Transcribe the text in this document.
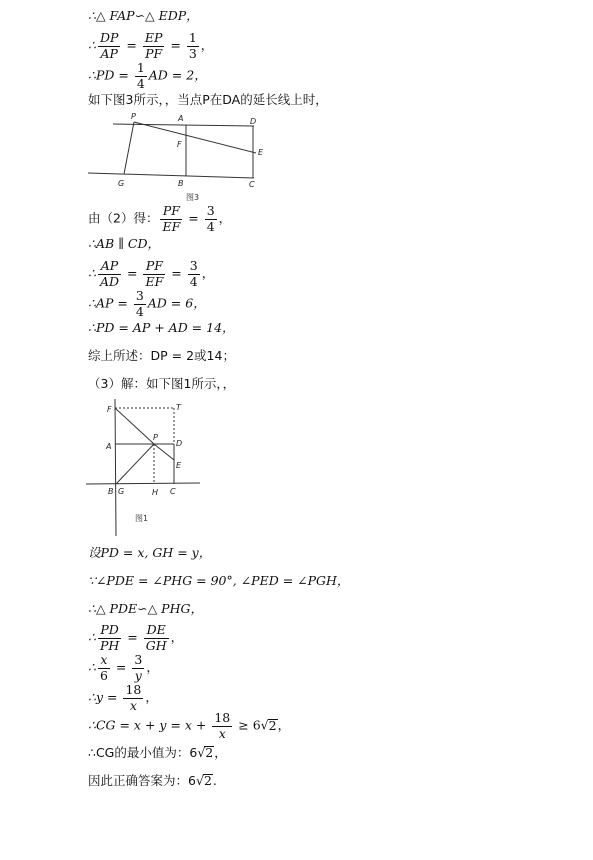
∴△ FAP∽△ EDP，
∴ $\frac{DP}{AP} = \frac{EP}{PF} = \frac{1}{3}$ ，
∴PD = $\frac{1}{4}$ AD = 2，
如下图3所示，，当点P在DA的延长线上时，
P	A	D
F
E
G	B	C
图3
由（2）得： $\frac{PF}{EF} = \frac{3}{4}$ ，
∴AB ∥ CD，
∴ $\frac{AP}{AD} = \frac{PF}{EF} = \frac{3}{4}$ ，
∴AP = $\frac{3}{4}$ AD = 6，
∴PD = AP + AD = 14，
综上所述：DP = 2或14；
（3）解：如下图1所示，，
F	T
A
P
D
E
B G	H C
图1
设PD = x, GH = y，
∵∠PDE = ∠PHG = 90°, ∠PED = ∠PGH，
∴△ PDE∽△ PHG，
∴ $\frac{PD}{PH} = \frac{DE}{GH}$ ，
∴ $\frac{x}{6} = \frac{3}{y}$ ，
∴y = $\frac{18}{x}$ ，
∴CG = $x + y = x + \frac{18}{x} \ge 6√2$，
∴CG的最小值为：6√2，
因此正确答案为：6√2.
